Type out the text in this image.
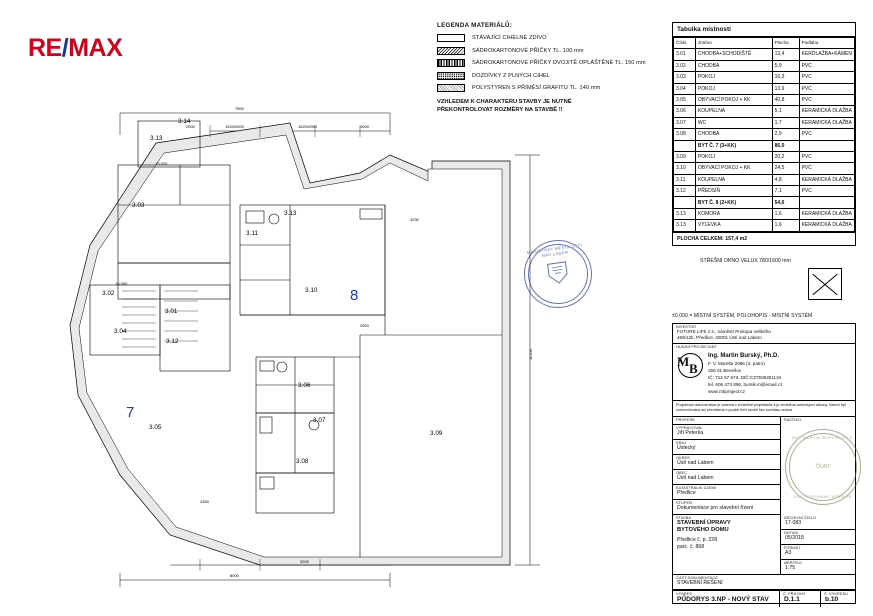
RE/MAX
LEGENDA MATERIÁLŮ:
STÁVAJÍCÍ CIHELNÉ ZDIVO
SÁDROKARTONOVÉ PŘÍČKY TL. 100 mm
SÁDROKARTONOVÉ PŘÍČKY DVOJITĚ OPLÁŠTĚNÉ TL. 150 mm
DOZDÍVKY Z PLNÝCH CIHEL
POLYSTYREN S PŘÍMĚSÍ GRAFITU TL. 140 mm
VZHLEDEM K CHARAKTERU STAVBY JE NUTNÉ
PŘEKONTROLOVAT ROZMĚRY NA STAVBĚ !!
Tabulka místností
Číslo	Jméno	Plocha	Podlaha
3.01	CHODBA+SCHODIŠTĚ	13,4	KERDLAŽBA+KÁMEN
3.02	CHODBA	5,9	PVC
3.03	POKOJ	16,3	PVC
3.04	POKOJ	13,9	PVC
3.05	OBÝVACÍ POKOJ + KK	40,8	PVC
3.06	KOUPELNA	5,1	KERAMICKÁ DLAŽBA
3.07	WC	1,7	KERAMICKÁ DLAŽBA
3.08	CHODBA	2,9	PVC
	BYT Č. 7 (3+KK)	86,0	
3.09	POKOJ	20,2	PVC
3.10	OBÝVACÍ POKOJ + KK	24,5	PVC
3.11	KOUPELNA	4,8	KERAMICKÁ DLAŽBA
3.12	PŘEDSÍŇ	7,1	PVC
	BYT Č. 8 (2+KK)	54,6	
3.13	KOMORA	1,6	KERAMICKÁ DLAŽBA
3.13	VÝLEVKA	1,6	KERAMICKÁ DLAŽBA
PLOCHA CELKEM: 157,4 m2
STŘEŠNÍ OKNO VELUX 780/1600 mm
±0,000 = MÍSTNÍ SYSTÉM, POLOHOPIS - MÍSTNÍ SYSTÉM
MAGISTRÁT MĚSTA ÚSTÍ NAD LABEM
INVESTOR
FUTURE LIFE z.s., náměstí Prokopa Velikého
469/12b, Předlice, 40001 Ústí nad Labem
HLAVNÍ PROJEKTANT
M B
Ing. Martin Burský, Ph.D.
F. V. Mareše 2066 (3. patro)
256 01 Benešov
IČ: 712 67 573, DIČ:CZ7506251134
tel. 606 473 896, bursik.m@email.cz
www.mbproject.cz
Projektová dokumentace je zdarma v chráněné projektanta a je chráněna autorskými zákony. Nesmí být rozmnožována ani přenášena k použití třetí osobě bez souhlasu autora.
PROFESE
VYPRACOVAL
Jiří Peterka
KRAJ
Ústecký
OKRES
Ústí nad Labem
OBEC
Ústí nad Labem
KATASTRÁLNÍ ÚZEMÍ
Předlice
STUPEŇ
Dokumentace pro stavební řízení
RAZÍTKO
ING. MARTIN BURSÍK, Ph.D.
ČKAIT
AUTORIZOVANÝ INŽENÝR
STAVBA
STAVEBNÍ ÚPRAVY
BYTOVÉHO DOMU
Předlice č. p. 228
parc. č. 868
ARCHIVNÍ ČÍSLO
17-083
DATUM
05/2018
FORMÁT
A3
MĚŘÍTKO
1:75
ČÁST DOKUMENTACE
STAVEBNÍ ŘEŠENÍ
VÝKRES
PŮDORYS 3.NP - NOVÝ STAV
Č. PŘÍLOHY
D.1.1
Č. VÝKRESU
b.10
3.13
3.14
3.03
3.02
3.01
3.04
3.12
3.11
3.13
3.10
3.05
3.06
3.07
3.08
3.09
8
7
7500
2000	1520/2000	1520/2000	1000
11700
8000
3200
+6,000
+3,020
4230
2900
4350
